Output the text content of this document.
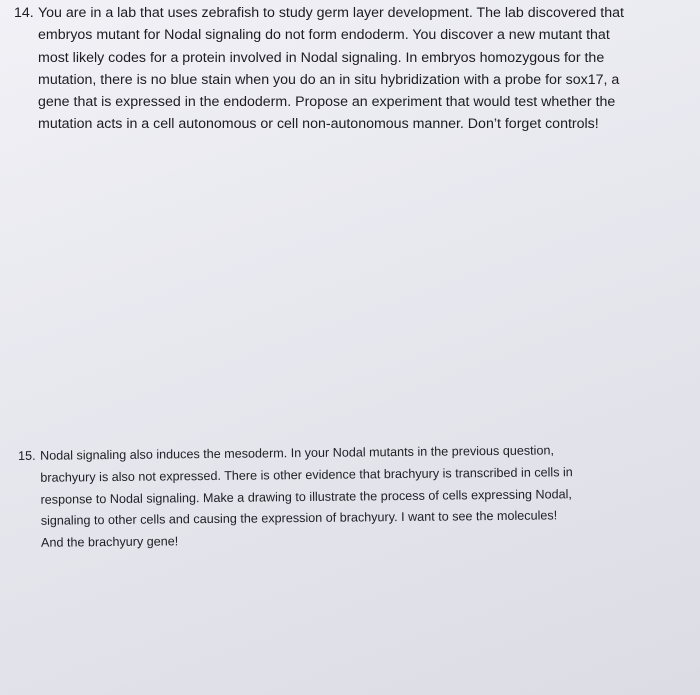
14. You are in a lab that uses zebrafish to study germ layer development. The lab discovered that
embryos mutant for Nodal signaling do not form endoderm. You discover a new mutant that
most likely codes for a protein involved in Nodal signaling. In embryos homozygous for the
mutation, there is no blue stain when you do an in situ hybridization with a probe for sox17, a
gene that is expressed in the endoderm. Propose an experiment that would test whether the
mutation acts in a cell autonomous or cell non-autonomous manner. Don’t forget controls!
15. Nodal signaling also induces the mesoderm. In your Nodal mutants in the previous question,
brachyury is also not expressed. There is other evidence that brachyury is transcribed in cells in
response to Nodal signaling. Make a drawing to illustrate the process of cells expressing Nodal,
signaling to other cells and causing the expression of brachyury. I want to see the molecules!
And the brachyury gene!
